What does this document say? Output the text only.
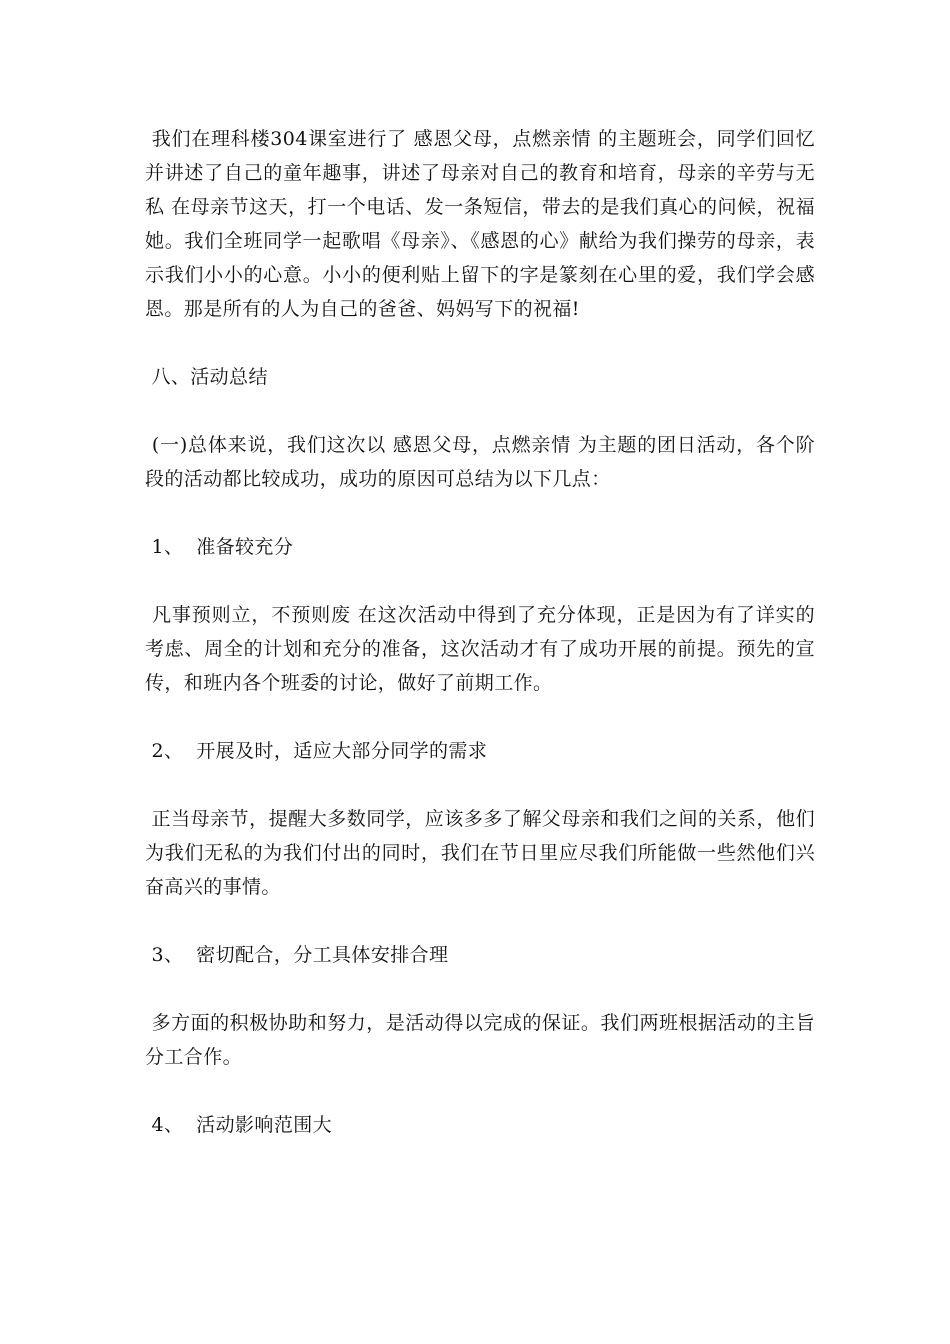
我们在理科楼304课室进行了 感恩父母，点燃亲情 的主题班会，同学们回忆并讲述了自己的童年趣事，讲述了母亲对自己的教育和培育，母亲的辛劳与无私 在母亲节这天，打一个电话、发一条短信，带去的是我们真心的问候，祝福她。我们全班同学一起歌唱《母亲》、《感恩的心》献给为我们操劳的母亲，表示我们小小的心意。小小的便利贴上留下的字是篆刻在心里的爱，我们学会感恩。那是所有的人为自己的爸爸、妈妈写下的祝福!

八、活动总结

(一)总体来说，我们这次以 感恩父母，点燃亲情 为主题的团日活动，各个阶段的活动都比较成功，成功的原因可总结为以下几点：

1、  准备较充分

凡事预则立，不预则废 在这次活动中得到了充分体现，正是因为有了详实的考虑、周全的计划和充分的准备，这次活动才有了成功开展的前提。预先的宣传，和班内各个班委的讨论，做好了前期工作。

2、  开展及时，适应大部分同学的需求

正当母亲节，提醒大多数同学，应该多多了解父母亲和我们之间的关系，他们为我们无私的为我们付出的同时，我们在节日里应尽我们所能做一些然他们兴奋高兴的事情。

3、  密切配合，分工具体安排合理

多方面的积极协助和努力，是活动得以完成的保证。我们两班根据活动的主旨分工合作。

4、  活动影响范围大
